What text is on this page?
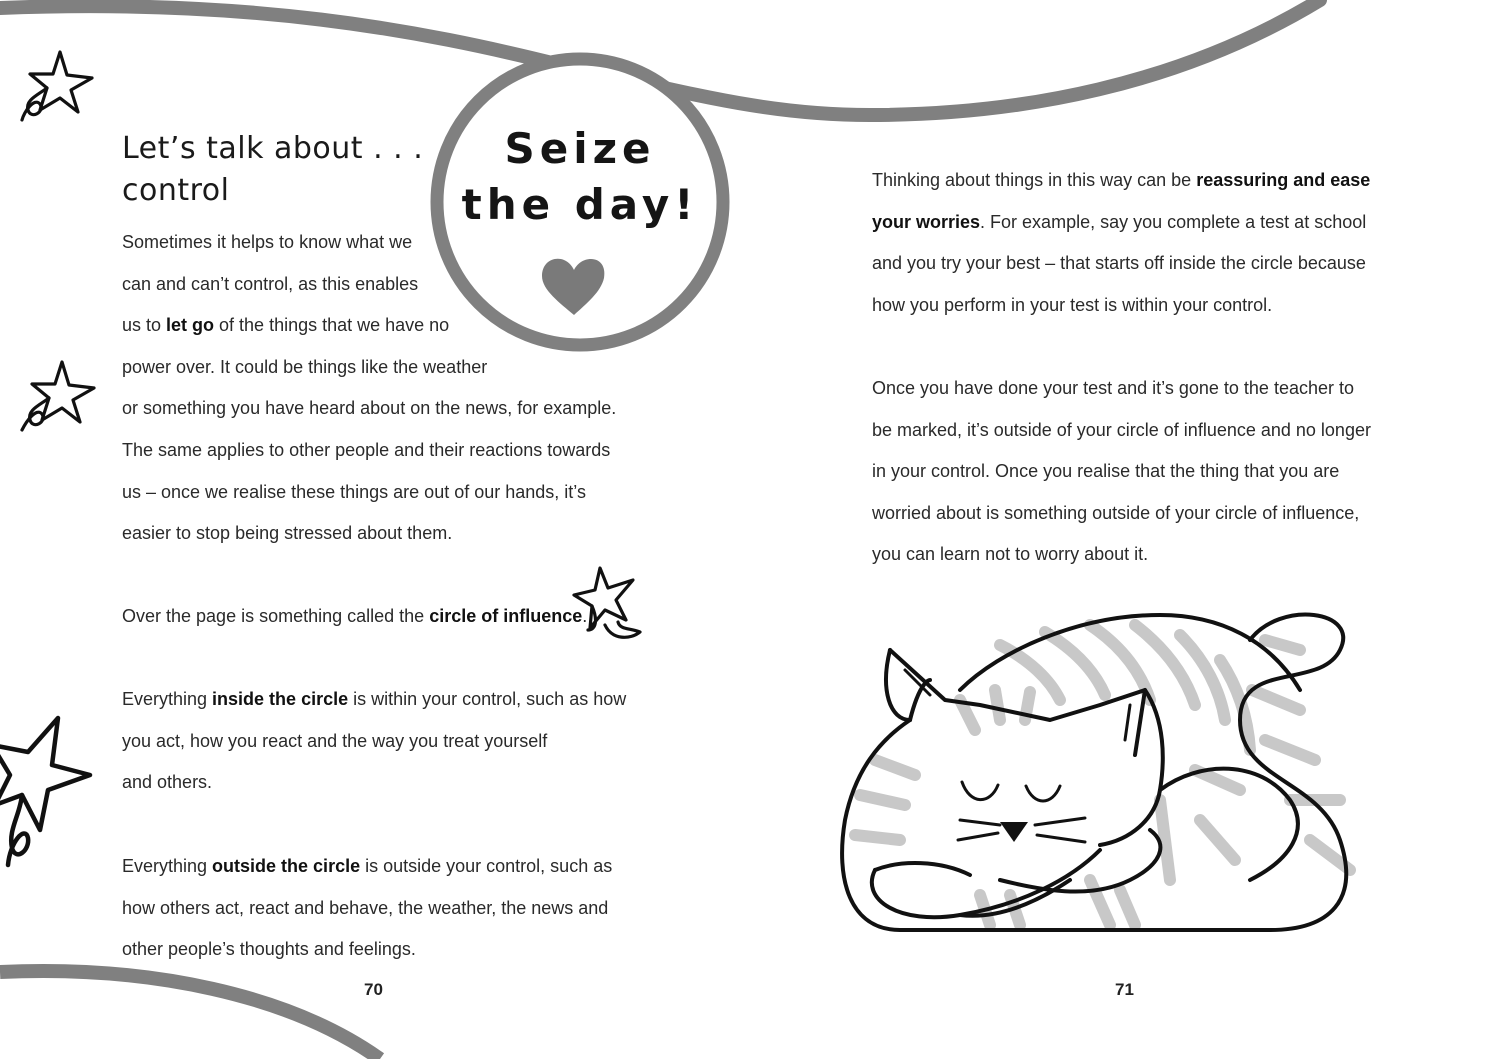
Let’s talk about . . .
control

Seize

the day!

Sometimes it helps to know what we
can and can’t control, as this enables
us to let go of the things that we have no
power over. It could be things like the weather
or something you have heard about on the news, for example.
The same applies to other people and their reactions towards
us – once we realise these things are out of our hands, it’s
easier to stop being stressed about them.

Over the page is something called the circle of influence.

Everything inside the circle is within your control, such as how
you act, how you react and the way you treat yourself
and others.

Everything outside the circle is outside your control, such as
how others act, react and behave, the weather, the news and
other people’s thoughts and feelings.

70

Thinking about things in this way can be reassuring and ease
your worries. For example, say you complete a test at school
and you try your best – that starts off inside the circle because
how you perform in your test is within your control.

Once you have done your test and it’s gone to the teacher to
be marked, it’s outside of your circle of influence and no longer
in your control. Once you realise that the thing that you are
worried about is something outside of your circle of influence,
you can learn not to worry about it.

71
